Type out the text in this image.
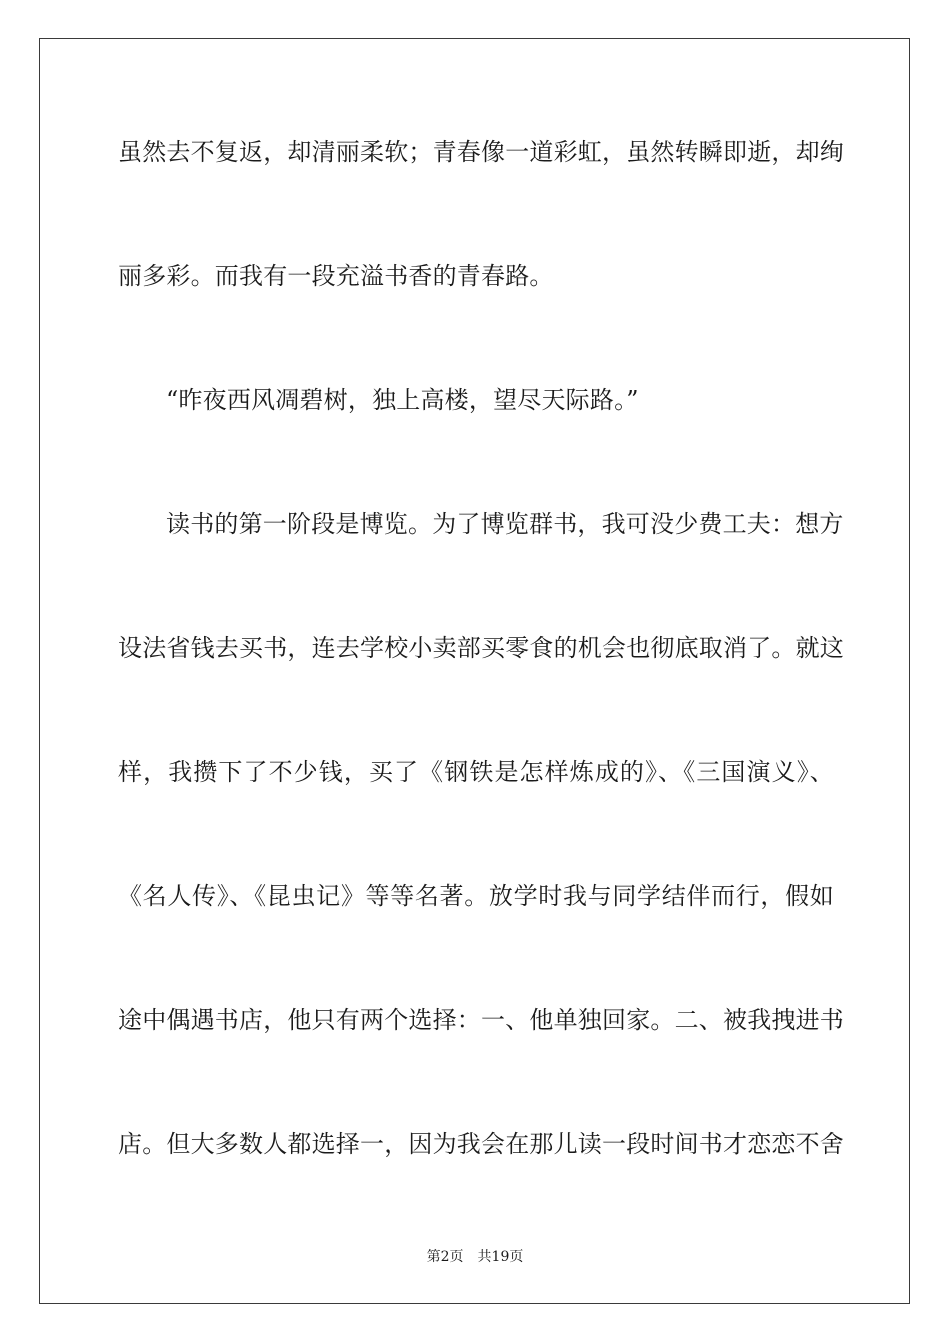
虽然去不复返，却清丽柔软；青春像一道彩虹，虽然转瞬即逝，却绚
丽多彩。而我有一段充溢书香的青春路。
“昨夜西风凋碧树，独上高楼，望尽天际路。”
读书的第一阶段是博览。为了博览群书，我可没少费工夫：想方
设法省钱去买书，连去学校小卖部买零食的机会也彻底取消了。就这
样，我攒下了不少钱，买了《钢铁是怎样炼成的》、《三国演义》、
《名人传》、《昆虫记》等等名著。放学时我与同学结伴而行，假如
途中偶遇书店，他只有两个选择：一、他单独回家。二、被我拽进书
店。但大多数人都选择一，因为我会在那儿读一段时间书才恋恋不舍
第2页 共19页
